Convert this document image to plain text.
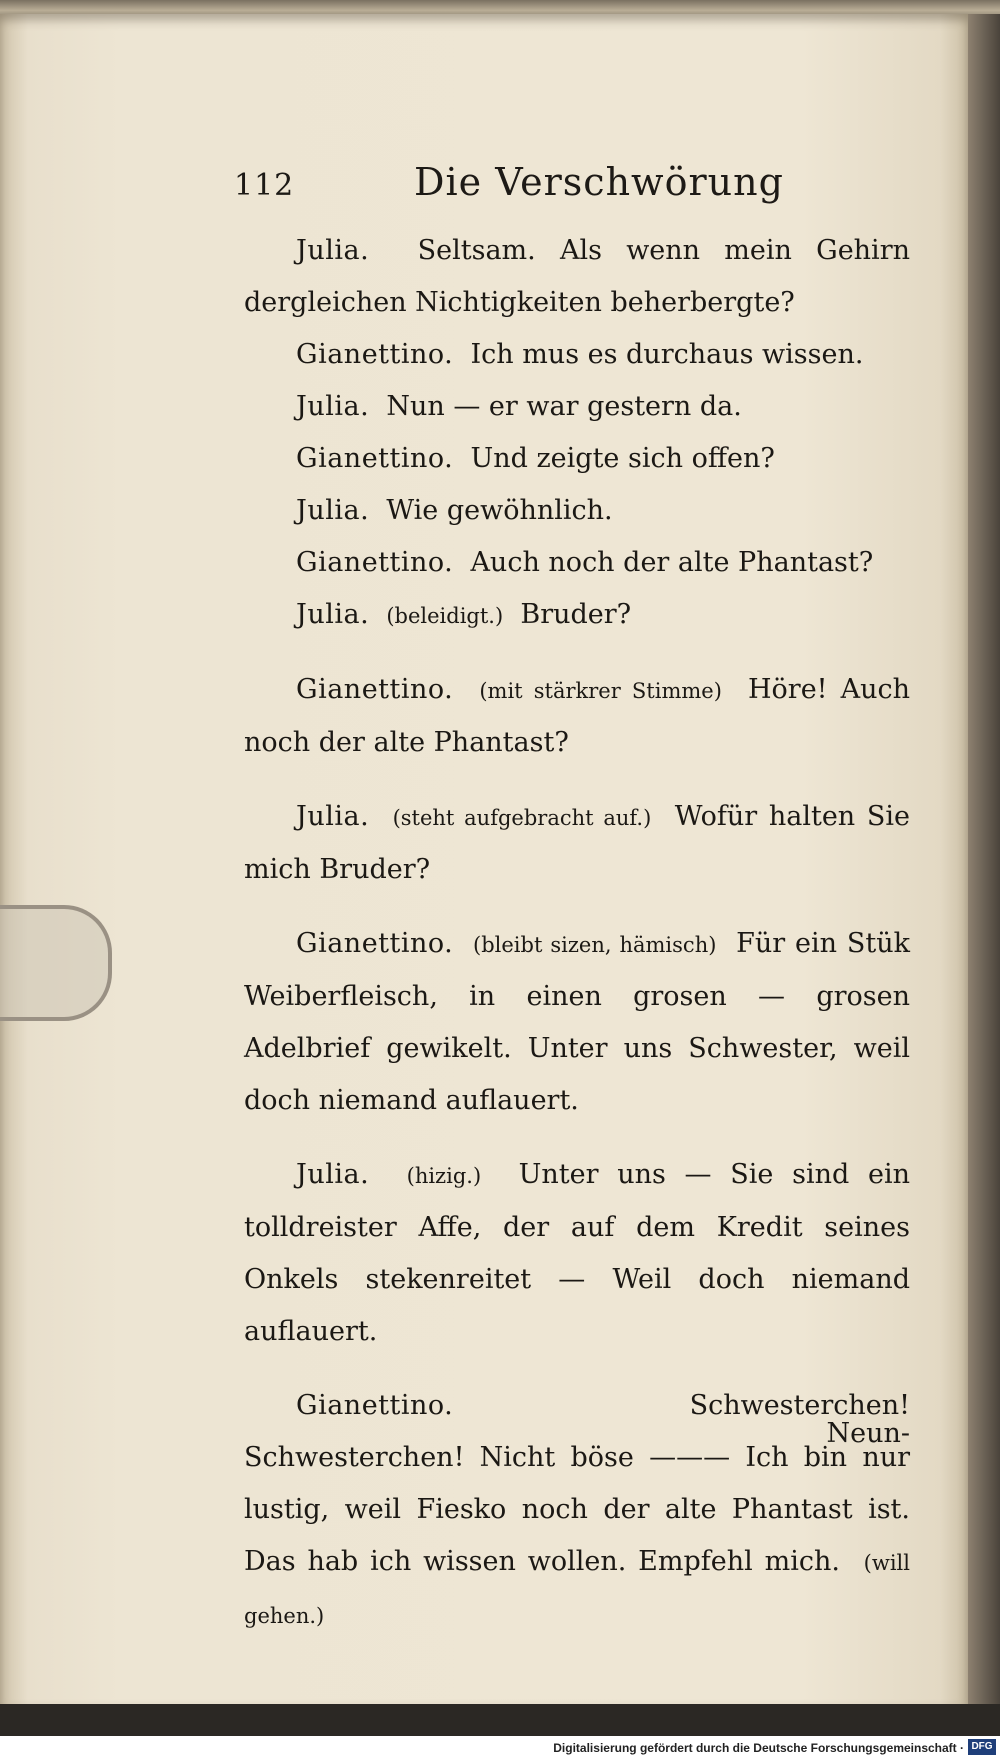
112	Die Verschwörung

Julia. Seltsam. Als wenn mein Gehirn dergleichen Nichtigkeiten beherbergte?

Gianettino. Ich mus es durchaus wissen.

Julia. Nun — er war gestern da.

Gianettino. Und zeigte sich offen?

Julia. Wie gewöhnlich.

Gianettino. Auch noch der alte Phantast?

Julia. (beleidigt.) Bruder?

Gianettino. (mit stärkrer Stimme) Höre! Auch noch der alte Phantast?

Julia. (steht aufgebracht auf.) Wofür halten Sie mich Bruder?

Gianettino. (bleibt sizen, hämisch) Für ein Stük Weiberfleisch, in einen grosen — grosen Adelbrief gewikelt. Unter uns Schwester, weil doch niemand auflauert.

Julia. (hizig.) Unter uns — Sie sind ein tolldreister Affe, der auf dem Kredit seines Onkels stekenreitet — Weil doch niemand auflauert.

Gianettino.	Schwesterchen! Schwesterchen! Nicht böse ——— Ich bin nur lustig, weil Fiesko noch der alte Phantast ist. Das hab ich wissen wollen. Empfehl mich. (will gehen.)

Neun-
Digitalisierung gefördert durch die Deutsche Forschungsgemeinschaft · DFG
